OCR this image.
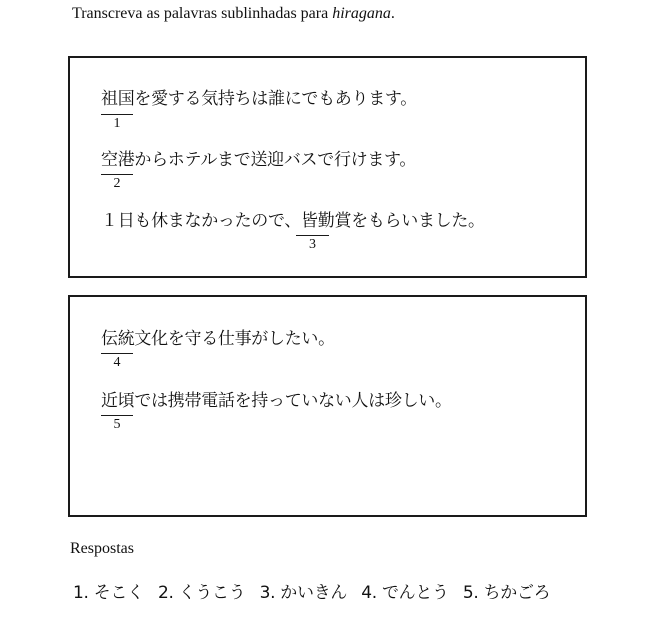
Transcreva as palavras sublinhadas para hiragana.
祖国を愛する気持ちは誰にでもあります。
1
空港からホテルまで送迎バスで行けます。
2
１日も休まなかったので、皆勤賞をもらいました。
3
伝統文化を守る仕事がしたい。
4
近頃では携帯電話を持っていない人は珍しい。
5
Respostas
1. そこく 2. くうこう 3. かいきん 4. でんとう 5. ちかごろ
